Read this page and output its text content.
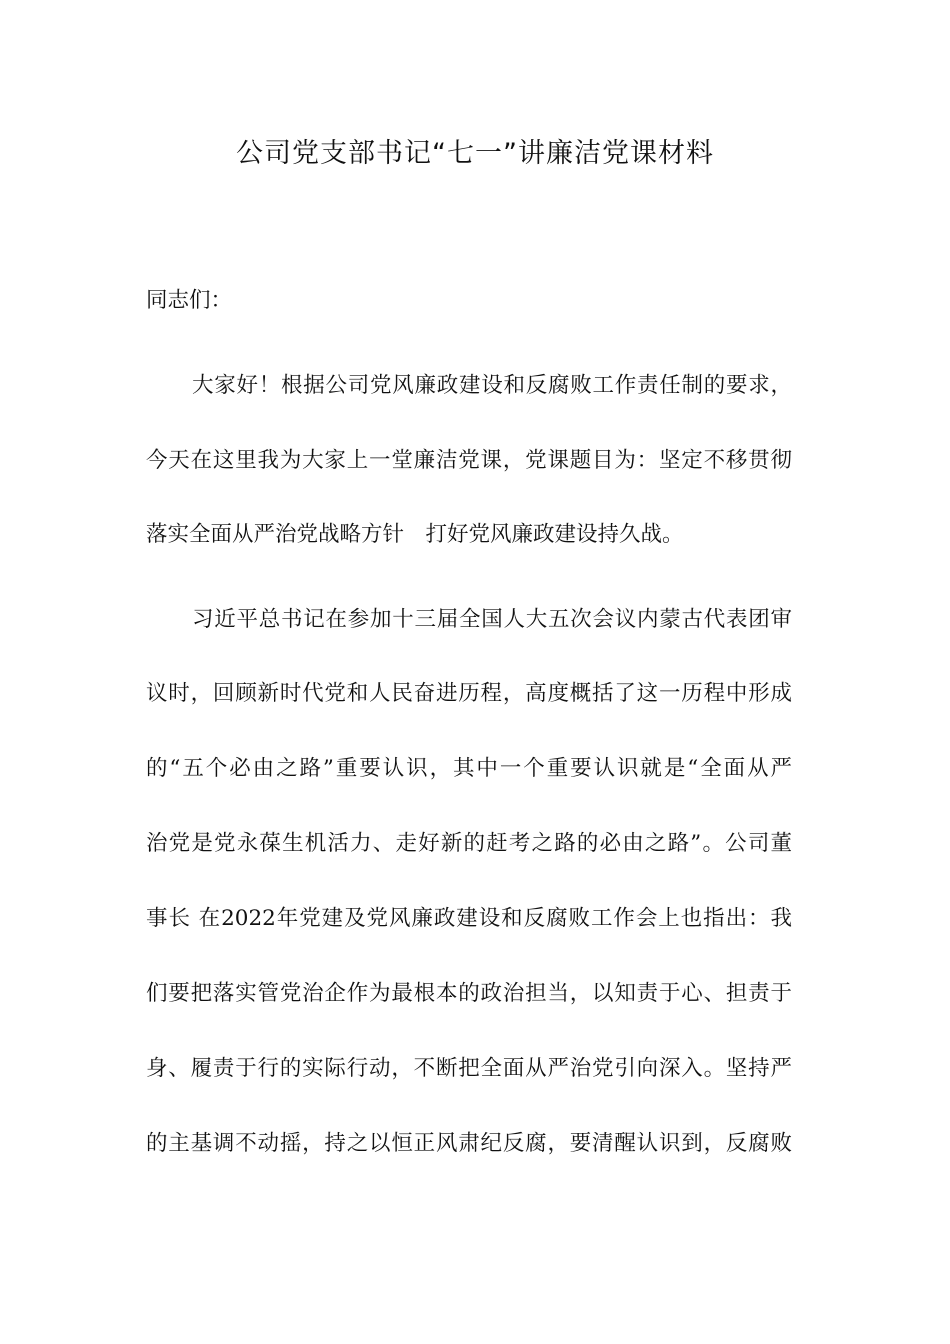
公司党支部书记“七一”讲廉洁党课材料
同志们：
大家好！根据公司党风廉政建设和反腐败工作责任制的要求，
今天在这里我为大家上一堂廉洁党课，党课题目为：坚定不移贯彻
落实全面从严治党战略方针　打好党风廉政建设持久战。
习近平总书记在参加十三届全国人大五次会议内蒙古代表团审
议时，回顾新时代党和人民奋进历程，高度概括了这一历程中形成
的“五个必由之路”重要认识，其中一个重要认识就是“全面从严
治党是党永葆生机活力、走好新的赶考之路的必由之路”。公司董
事长 在2022年党建及党风廉政建设和反腐败工作会上也指出：我
们要把落实管党治企作为最根本的政治担当，以知责于心、担责于
身、履责于行的实际行动，不断把全面从严治党引向深入。坚持严
的主基调不动摇，持之以恒正风肃纪反腐，要清醒认识到，反腐败
